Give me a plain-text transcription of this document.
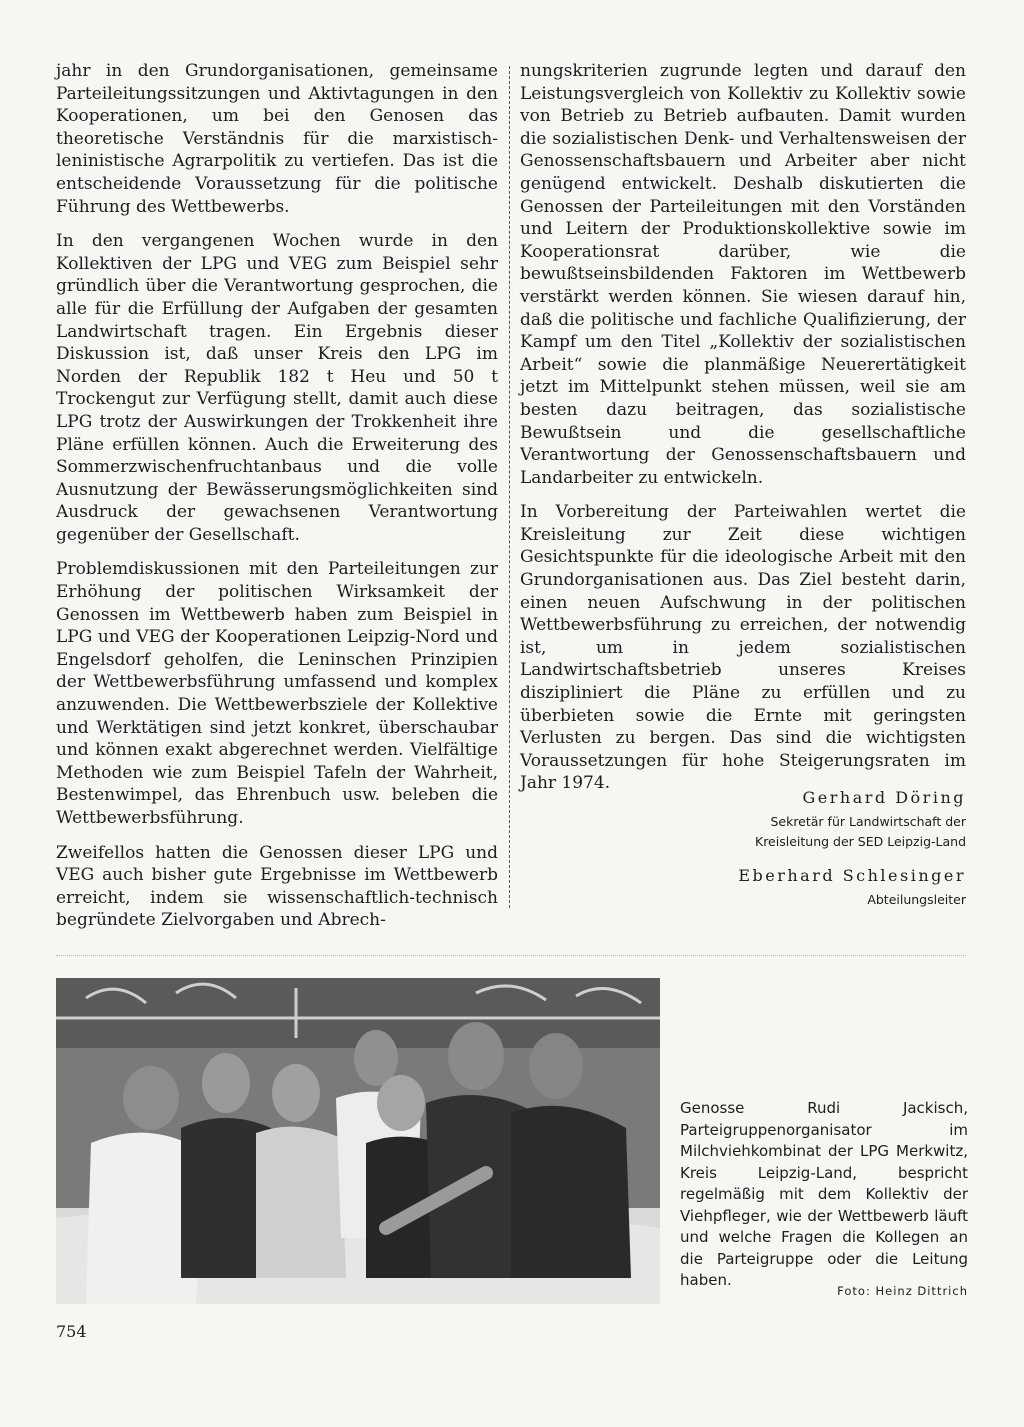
jahr in den Grundorganisationen, gemeinsame Parteileitungssitzungen und Aktivtagungen in den Kooperationen, um bei den Genosen das theoretische Verständnis für die marxistisch-leninistische Agrarpolitik zu vertiefen. Das ist die entscheidende Voraussetzung für die politische Führung des Wettbewerbs.

In den vergangenen Wochen wurde in den Kollektiven der LPG und VEG zum Beispiel sehr gründlich über die Verantwortung gesprochen, die alle für die Erfüllung der Aufgaben der gesamten Landwirtschaft tragen. Ein Ergebnis dieser Diskussion ist, daß unser Kreis den LPG im Norden der Republik 182 t Heu und 50 t Trockengut zur Verfügung stellt, damit auch diese LPG trotz der Auswirkungen der Trokkenheit ihre Pläne erfüllen können. Auch die Erweiterung des Sommerzwischenfruchtanbaus und die volle Ausnutzung der Bewässerungsmöglichkeiten sind Ausdruck der gewachsenen Verantwortung gegenüber der Gesellschaft.

Problemdiskussionen mit den Parteileitungen zur Erhöhung der politischen Wirksamkeit der Genossen im Wettbewerb haben zum Beispiel in LPG und VEG der Kooperationen Leipzig-Nord und Engelsdorf geholfen, die Leninschen Prinzipien der Wettbewerbsführung umfassend und komplex anzuwenden. Die Wettbewerbsziele der Kollektive und Werktätigen sind jetzt konkret, überschaubar und können exakt abgerechnet werden. Vielfältige Methoden wie zum Beispiel Tafeln der Wahrheit, Bestenwimpel, das Ehrenbuch usw. beleben die Wettbewerbsführung.

Zweifellos hatten die Genossen dieser LPG und VEG auch bisher gute Ergebnisse im Wettbewerb erreicht, indem sie wissenschaftlich-technisch begründete Zielvorgaben und Abrech-

nungskriterien zugrunde legten und darauf den Leistungsvergleich von Kollektiv zu Kollektiv sowie von Betrieb zu Betrieb aufbauten. Damit wurden die sozialistischen Denk- und Verhaltensweisen der Genossenschaftsbauern und Arbeiter aber nicht genügend entwickelt. Deshalb diskutierten die Genossen der Parteileitungen mit den Vorständen und Leitern der Produktionskollektive sowie im Kooperationsrat darüber, wie die bewußtseinsbildenden Faktoren im Wettbewerb verstärkt werden können. Sie wiesen darauf hin, daß die politische und fachliche Qualifizierung, der Kampf um den Titel „Kollektiv der sozialistischen Arbeit“ sowie die planmäßige Neuerertätigkeit jetzt im Mittelpunkt stehen müssen, weil sie am besten dazu beitragen, das sozialistische Bewußtsein und die gesellschaftliche Verantwortung der Genossenschaftsbauern und Landarbeiter zu entwickeln.

In Vorbereitung der Parteiwahlen wertet die Kreisleitung zur Zeit diese wichtigen Gesichtspunkte für die ideologische Arbeit mit den Grundorganisationen aus. Das Ziel besteht darin, einen neuen Aufschwung in der politischen Wettbewerbsführung zu erreichen, der notwendig ist, um in jedem sozialistischen Landwirtschaftsbetrieb unseres Kreises diszipliniert die Pläne zu erfüllen und zu überbieten sowie die Ernte mit geringsten Verlusten zu bergen. Das sind die wichtigsten Voraussetzungen für hohe Steigerungsraten im Jahr 1974.

Gerhard Döring
Sekretär für Landwirtschaft der
Kreisleitung der SED Leipzig-Land
Eberhard Schlesinger
Abteilungsleiter
Genosse Rudi Jackisch, Parteigruppenorganisator im Milchviehkombinat der LPG Merkwitz, Kreis Leipzig-Land, bespricht regelmäßig mit dem Kollektiv der Viehpfleger, wie der Wettbewerb läuft und welche Fragen die Kollegen an die Parteigruppe oder die Leitung haben.
Foto: Heinz Dittrich
754
